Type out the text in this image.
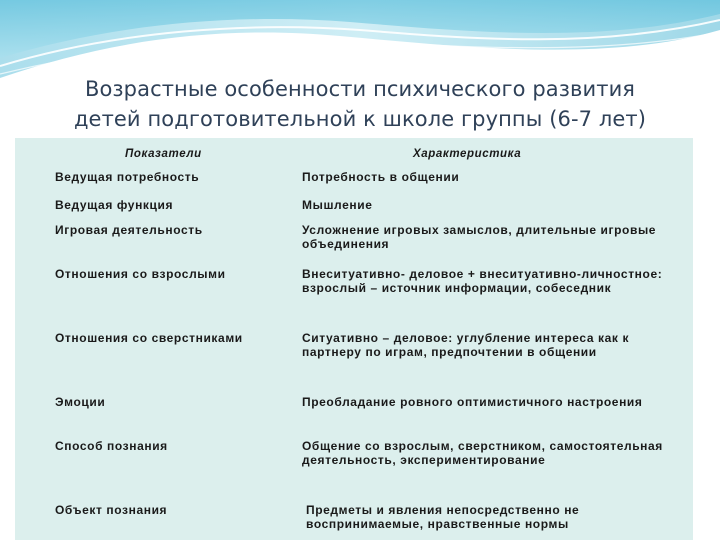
Возрастные особенности психического развития
детей подготовительной к школе группы (6-7 лет)
Показатели	Характеристика
Ведущая потребность	Потребность в общении
Ведущая функция	Мышление
Игровая деятельность	Усложнение игровых замыслов, длительные игровые объединения
Отношения со взрослыми	Внеситуативно- деловое + внеситуативно-личностное: взрослый – источник информации, собеседник
Отношения со сверстниками	Ситуативно – деловое: углубление интереса как к партнеру по играм, предпочтении в общении
Эмоции	Преобладание ровного оптимистичного настроения
Способ познания	Общение со взрослым, сверстником, самостоятельная деятельность, экспериментирование
Объект познания	Предметы и явления непосредственно не воспринимаемые, нравственные нормы
